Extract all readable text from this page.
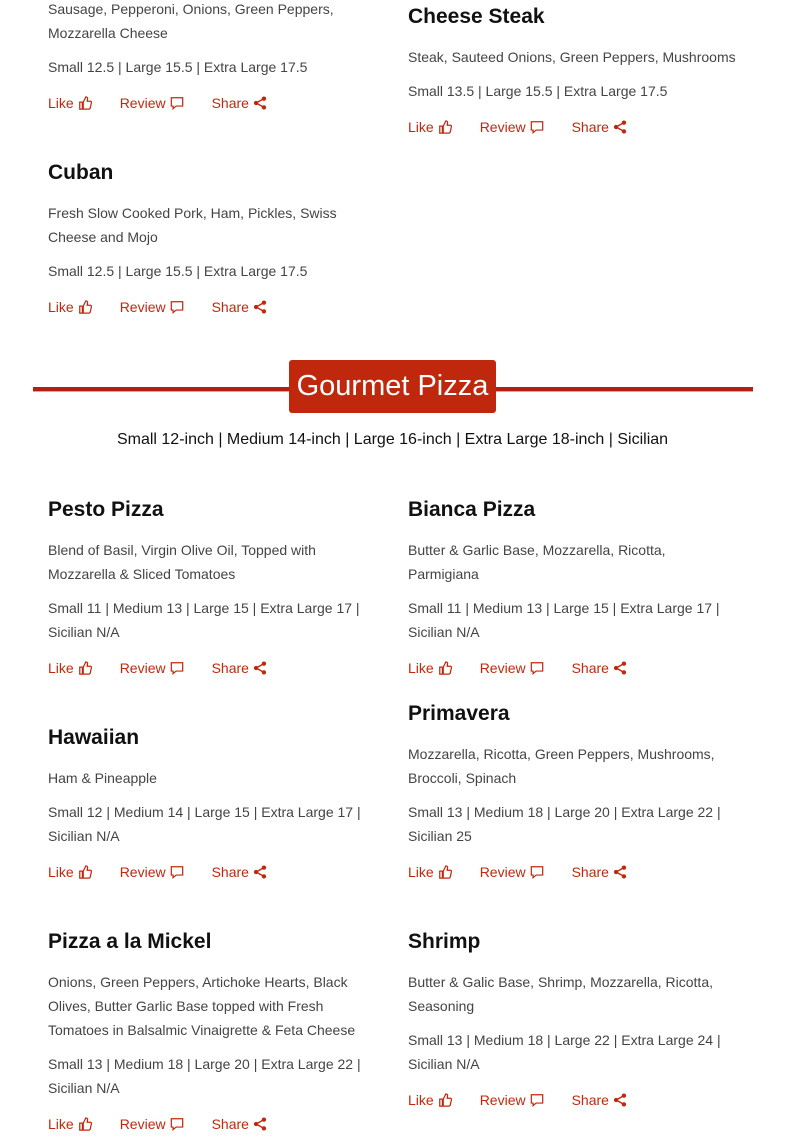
Sausage, Pepperoni, Onions, Green Peppers, Mozzarella Cheese

Small 12.5 | Large 15.5 | Extra Large 17.5

Like	Review	Share
Cheese Steak

Steak, Sauteed Onions, Green Peppers, Mushrooms

Small 13.5 | Large 15.5 | Extra Large 17.5

Like	Review	Share
Cuban

Fresh Slow Cooked Pork, Ham, Pickles, Swiss Cheese and Mojo

Small 12.5 | Large 15.5 | Extra Large 17.5

Like	Review	Share
Gourmet Pizza
Small 12-inch | Medium 14-inch | Large 16-inch | Extra Large 18-inch | Sicilian
Pesto Pizza

Blend of Basil, Virgin Olive Oil, Topped with Mozzarella & Sliced Tomatoes

Small 11 | Medium 13 | Large 15 | Extra Large 17 | Sicilian N/A

Like	Review	Share
Bianca Pizza

Butter & Garlic Base, Mozzarella, Ricotta, Parmigiana

Small 11 | Medium 13 | Large 15 | Extra Large 17 | Sicilian N/A

Like	Review	Share
Primavera

Mozzarella, Ricotta, Green Peppers, Mushrooms, Broccoli, Spinach

Small 13 | Medium 18 | Large 20 | Extra Large 22 | Sicilian 25

Like	Review	Share
Hawaiian

Ham & Pineapple

Small 12 | Medium 14 | Large 15 | Extra Large 17 | Sicilian N/A

Like	Review	Share
Pizza a la Mickel

Onions, Green Peppers, Artichoke Hearts, Black Olives, Butter Garlic Base topped with Fresh Tomatoes in Balsalmic Vinaigrette & Feta Cheese

Small 13 | Medium 18 | Large 20 | Extra Large 22 | Sicilian N/A

Like	Review	Share
Shrimp

Butter & Galic Base, Shrimp, Mozzarella, Ricotta, Seasoning

Small 13 | Medium 18 | Large 22 | Extra Large 24 | Sicilian N/A

Like	Review	Share
